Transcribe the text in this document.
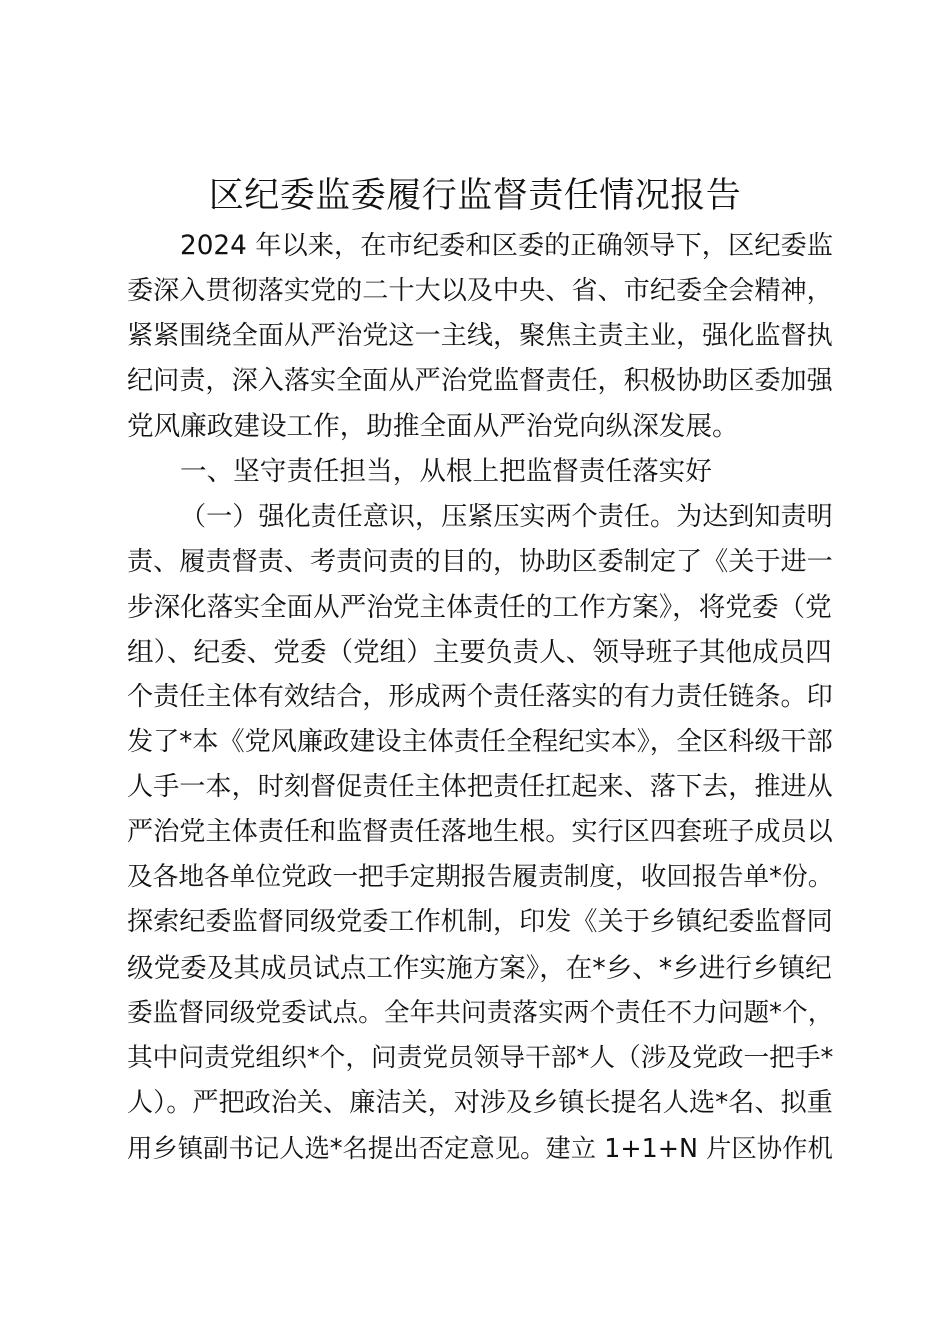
区纪委监委履行监督责任情况报告
2024 年以来，在市纪委和区委的正确领导下，区纪委监
委深入贯彻落实党的二十大以及中央、省、市纪委全会精神，
紧紧围绕全面从严治党这一主线，聚焦主责主业，强化监督执
纪问责，深入落实全面从严治党监督责任，积极协助区委加强
党风廉政建设工作，助推全面从严治党向纵深发展。
一、坚守责任担当，从根上把监督责任落实好
（一）强化责任意识，压紧压实两个责任。为达到知责明
责、履责督责、考责问责的目的，协助区委制定了《关于进一
步深化落实全面从严治党主体责任的工作方案》，将党委（党
组）、纪委、党委（党组）主要负责人、领导班子其他成员四
个责任主体有效结合，形成两个责任落实的有力责任链条。印
发了*本《党风廉政建设主体责任全程纪实本》，全区科级干部
人手一本，时刻督促责任主体把责任扛起来、落下去，推进从
严治党主体责任和监督责任落地生根。实行区四套班子成员以
及各地各单位党政一把手定期报告履责制度，收回报告单*份。
探索纪委监督同级党委工作机制，印发《关于乡镇纪委监督同
级党委及其成员试点工作实施方案》，在*乡、*乡进行乡镇纪
委监督同级党委试点。全年共问责落实两个责任不力问题*个，
其中问责党组织*个，问责党员领导干部*人（涉及党政一把手*
人）。严把政治关、廉洁关，对涉及乡镇长提名人选*名、拟重
用乡镇副书记人选*名提出否定意见。建立 1+1+N 片区协作机
